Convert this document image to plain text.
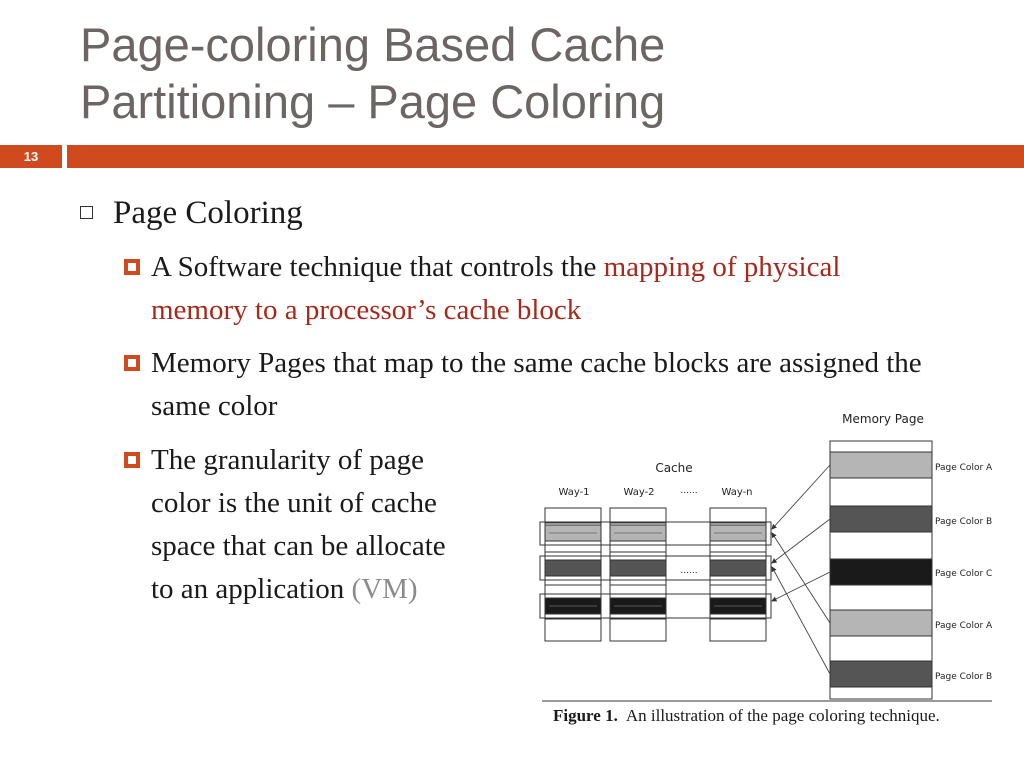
Page-coloring Based Cache
Partitioning – Page Coloring
13
Page Coloring
A Software technique that controls the mapping of physical memory to a processor’s cache block
Memory Pages that map to the same cache blocks are assigned the same color
The granularity of page
color is the unit of cache
space that can be allocate
to an application (VM)
Memory Page
Page Color A
Page Color B
Page Color C
Page Color A
Page Color B
Cache
Way-1	Way-2	...... Way-n
......
Figure 1. An illustration of the page coloring technique.
